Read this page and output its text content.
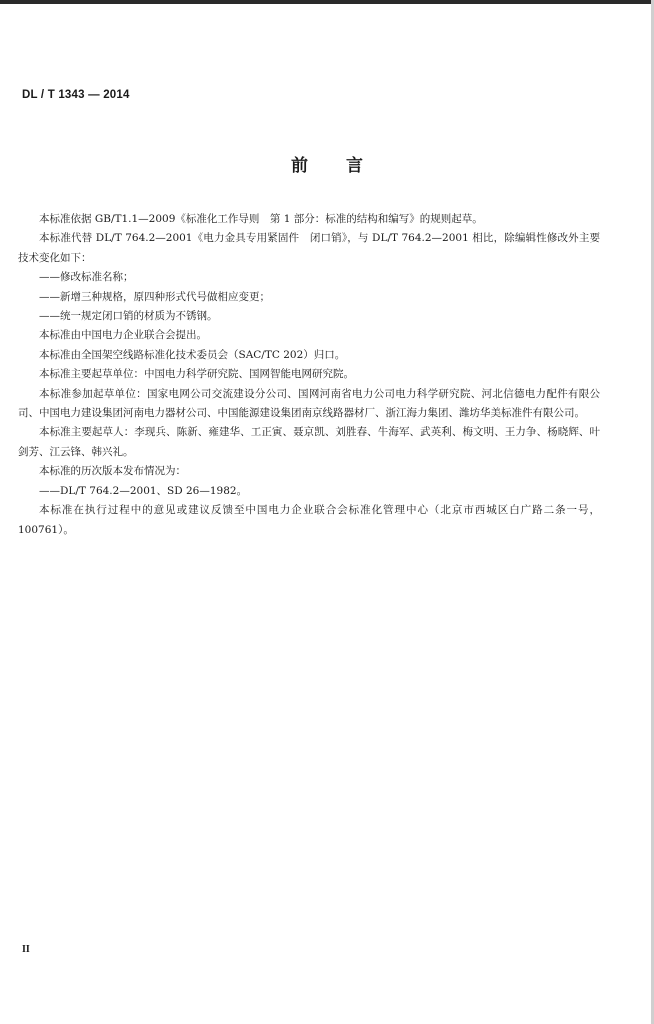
DL / T 1343 — 2014
前言

本标准依据 GB/T1.1—2009《标准化工作导则　第 1 部分：标准的结构和编写》的规则起草。

本标准代替 DL/T 764.2—2001《电力金具专用紧固件　闭口销》，与 DL/T 764.2—2001 相比，除编辑性修改外主要技术变化如下：

——修改标准名称；

——新增三种规格，原四种形式代号做相应变更；

——统一规定闭口销的材质为不锈钢。

本标准由中国电力企业联合会提出。

本标准由全国架空线路标准化技术委员会（SAC/TC 202）归口。

本标准主要起草单位：中国电力科学研究院、国网智能电网研究院。

本标准参加起草单位：国家电网公司交流建设分公司、国网河南省电力公司电力科学研究院、河北信德电力配件有限公司、中国电力建设集团河南电力器材公司、中国能源建设集团南京线路器材厂、浙江海力集团、潍坊华美标准件有限公司。

本标准主要起草人：李现兵、陈新、雍建华、工正寅、聂京凯、刘胜春、牛海军、武英利、梅文明、王力争、杨晓辉、叶剑芳、江云锋、韩兴礼。

本标准的历次版本发布情况为：

——DL/T 764.2—2001、SD 26—1982。

本标准在执行过程中的意见或建议反馈至中国电力企业联合会标准化管理中心（北京市西城区白广路二条一号，100761）。

II
